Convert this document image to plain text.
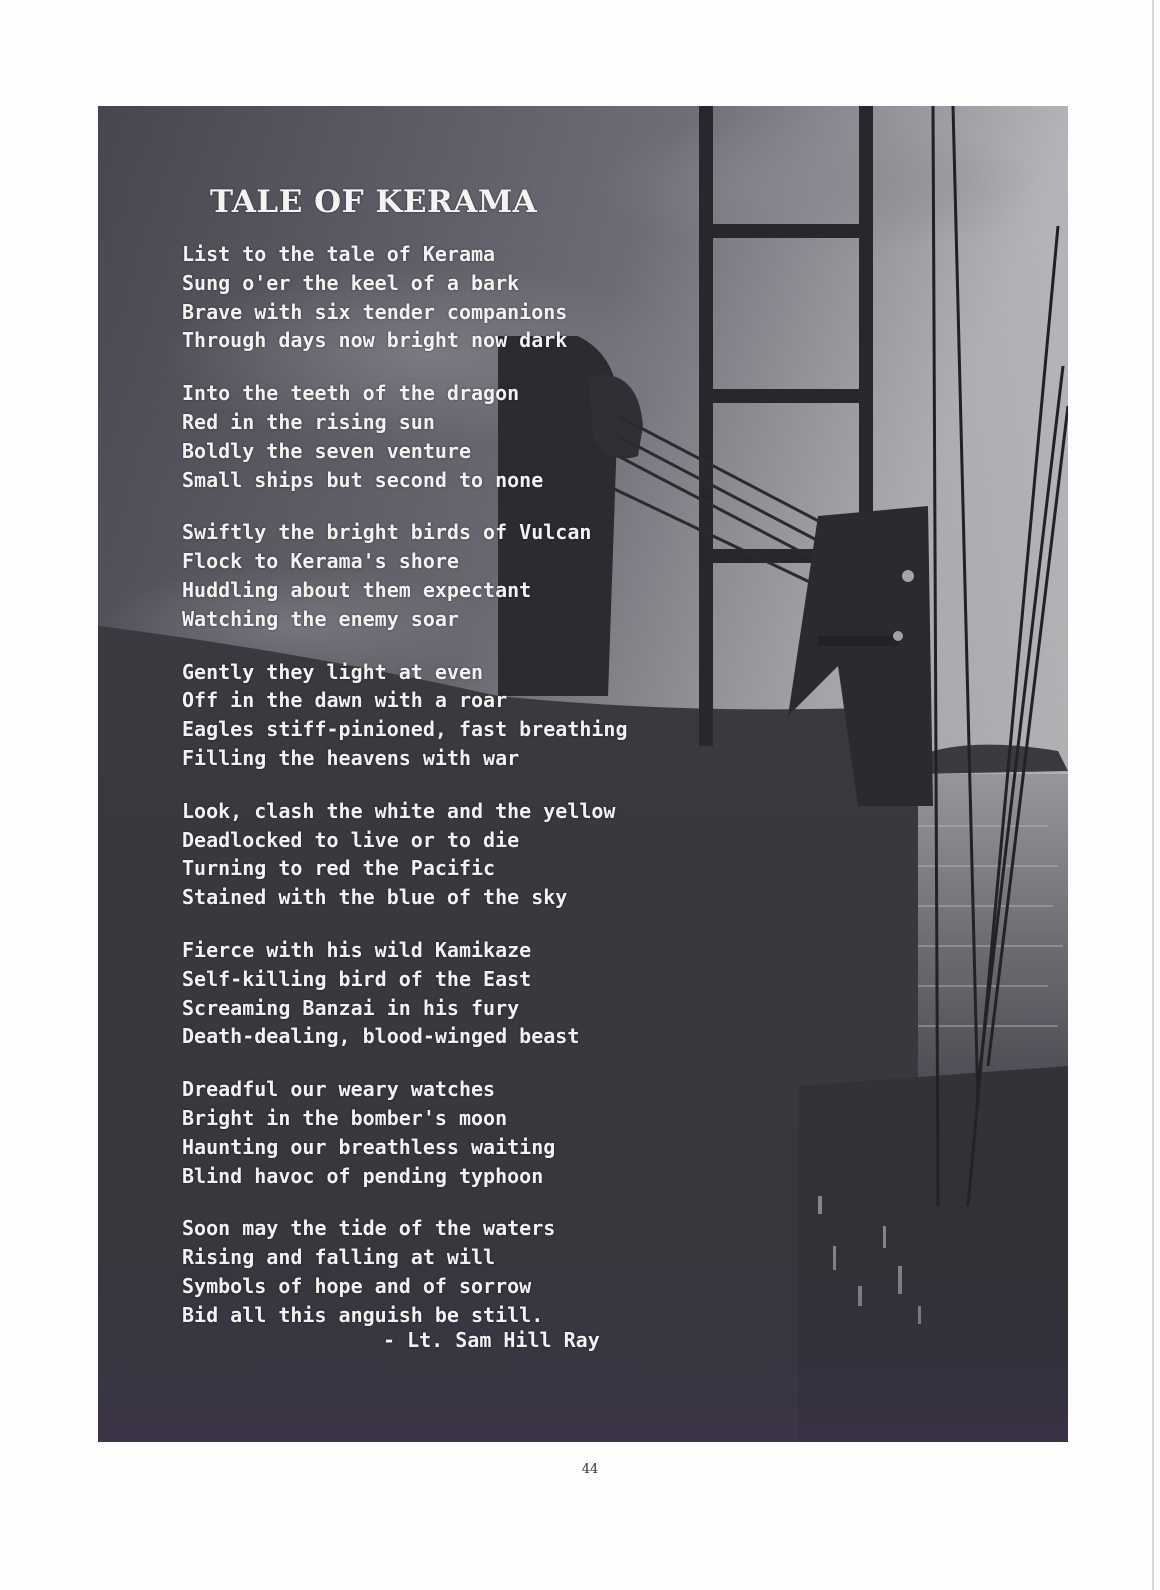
TALE OF KERAMA
List to the tale of Kerama
Sung o'er the keel of a bark
Brave with six tender companions
Through days now bright now dark
Into the teeth of the dragon
Red in the rising sun
Boldly the seven venture
Small ships but second to none
Swiftly the bright birds of Vulcan
Flock to Kerama's shore
Huddling about them expectant
Watching the enemy soar
Gently they light at even
Off in the dawn with a roar
Eagles stiff-pinioned, fast breathing
Filling the heavens with war
Look, clash the white and the yellow
Deadlocked to live or to die
Turning to red the Pacific
Stained with the blue of the sky
Fierce with his wild Kamikaze
Self-killing bird of the East
Screaming Banzai in his fury
Death-dealing, blood-winged beast
Dreadful our weary watches
Bright in the bomber's moon
Haunting our breathless waiting
Blind havoc of pending typhoon
Soon may the tide of the waters
Rising and falling at will
Symbols of hope and of sorrow
Bid all this anguish be still.
- Lt. Sam Hill Ray
44
